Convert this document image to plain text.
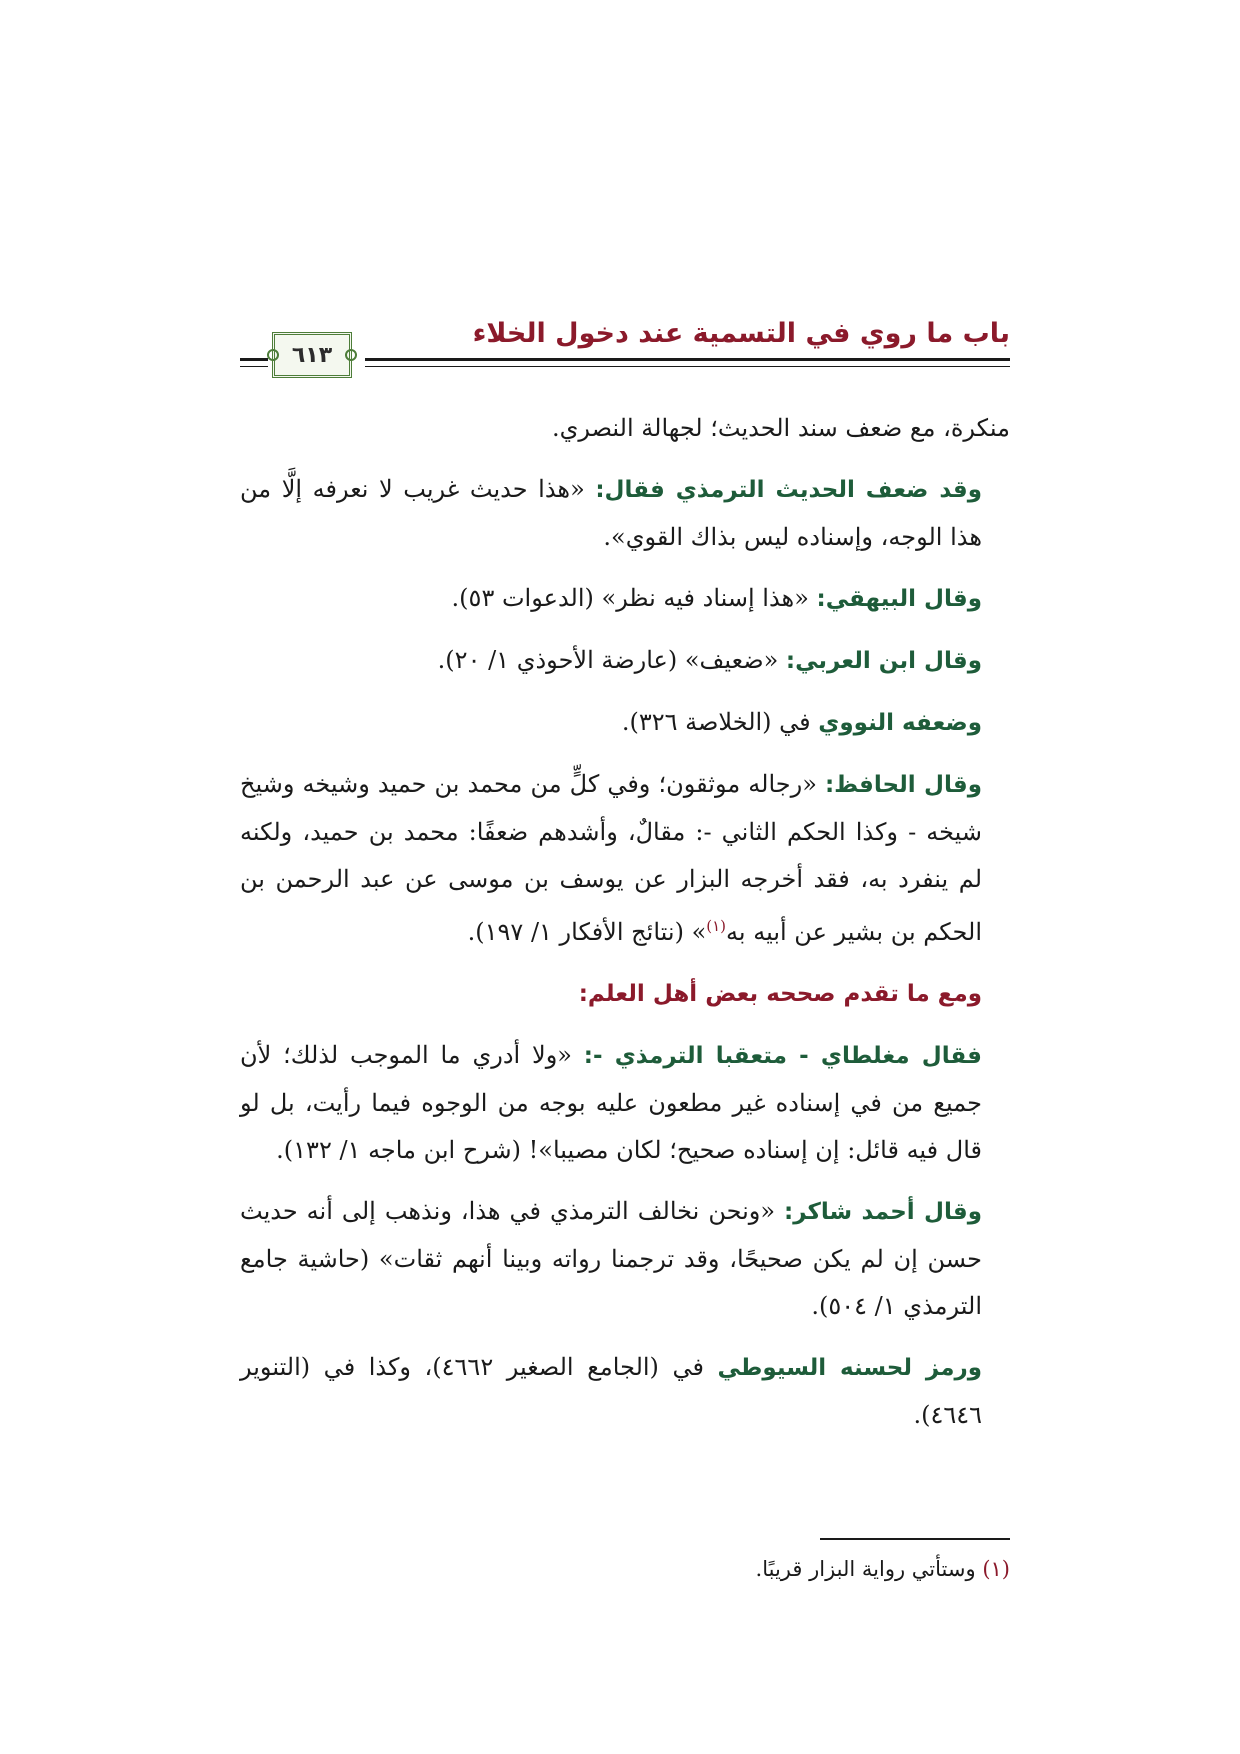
باب ما روي في التسمية عند دخول الخلاء
٦١٣

منكرة، مع ضعف سند الحديث؛ لجهالة النصري.

وقد ضعف الحديث الترمذي فقال: «هذا حديث غريب لا نعرفه إلَّا من هذا الوجه، وإسناده ليس بذاك القوي».

وقال البيهقي: «هذا إسناد فيه نظر» (الدعوات ٥٣).

وقال ابن العربي: «ضعيف» (عارضة الأحوذي ١/ ٢٠).

وضعفه النووي في (الخلاصة ٣٢٦).

وقال الحافظ: «رجاله موثقون؛ وفي كلٍّ من محمد بن حميد وشيخه وشيخ شيخه - وكذا الحكم الثاني -: مقالٌ، وأشدهم ضعفًا: محمد بن حميد، ولكنه لم ينفرد به، فقد أخرجه البزار عن يوسف بن موسى عن عبد الرحمن بن الحكم بن بشير عن أبيه به$^{(١)}$» (نتائج الأفكار ١/ ١٩٧).

ومع ما تقدم صححه بعض أهل العلم:

فقال مغلطاي - متعقبا الترمذي -: «ولا أدري ما الموجب لذلك؛ لأن جميع من في إسناده غير مطعون عليه بوجه من الوجوه فيما رأيت، بل لو قال فيه قائل: إن إسناده صحيح؛ لكان مصيبا»! (شرح ابن ماجه ١/ ١٣٢).

وقال أحمد شاكر: «ونحن نخالف الترمذي في هذا، ونذهب إلى أنه حديث حسن إن لم يكن صحيحًا، وقد ترجمنا رواته وبينا أنهم ثقات» (حاشية جامع الترمذي ١/ ٥٠٤).

ورمز لحسنه السيوطي في (الجامع الصغير ٤٦٦٢)، وكذا في (التنوير ٤٦٤٦).

(١) وستأتي رواية البزار قريبًا.
